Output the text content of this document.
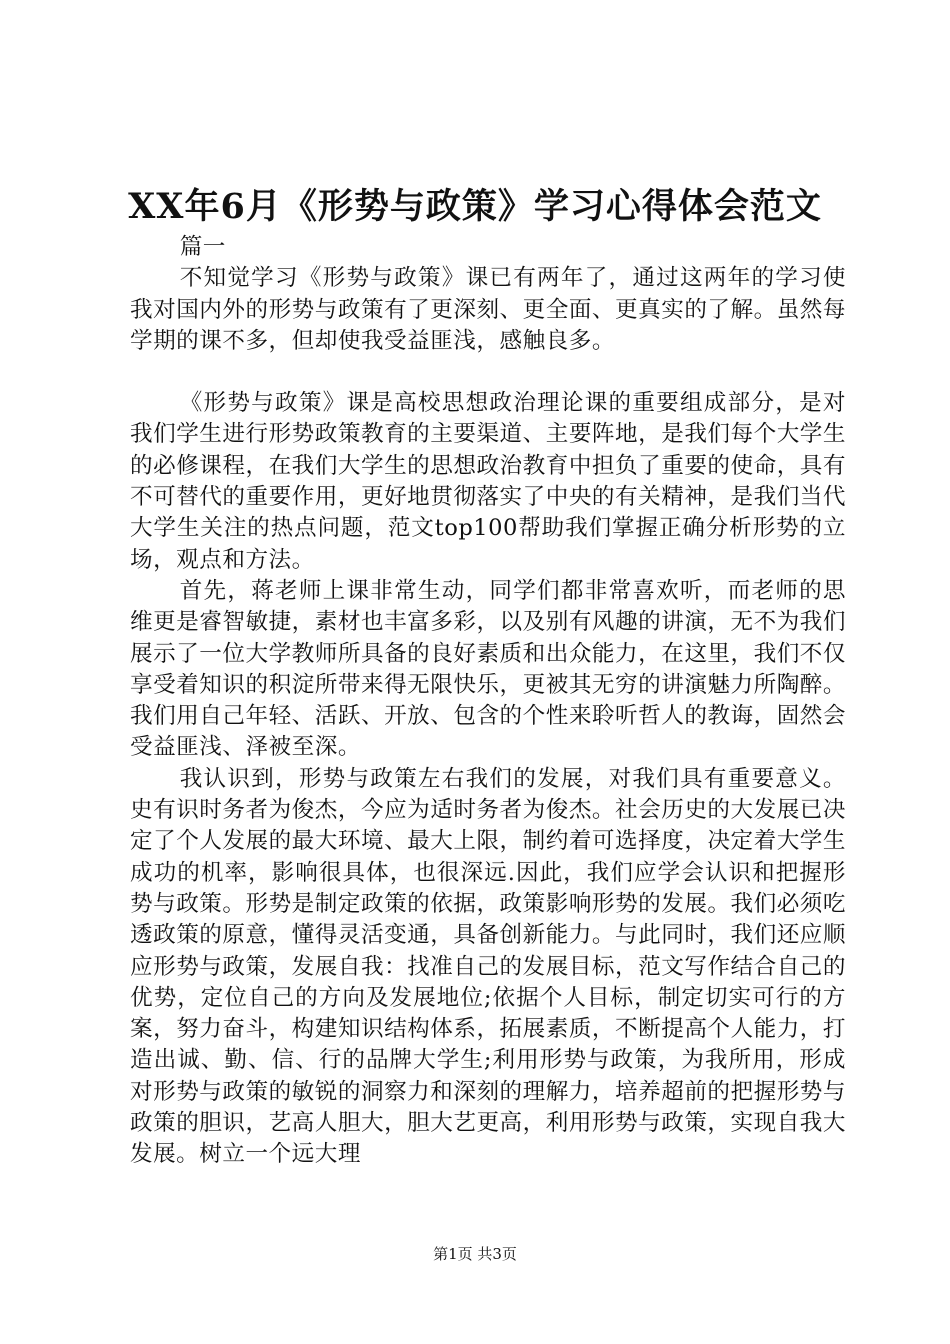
XX年6月《形势与政策》学习心得体会范文

篇一

不知觉学习《形势与政策》课已有两年了，通过这两年的学习使我对国内外的形势与政策有了更深刻、更全面、更真实的了解。虽然每学期的课不多，但却使我受益匪浅，感触良多。

《形势与政策》课是高校思想政治理论课的重要组成部分，是对我们学生进行形势政策教育的主要渠道、主要阵地，是我们每个大学生的必修课程，在我们大学生的思想政治教育中担负了重要的使命，具有不可替代的重要作用，更好地贯彻落实了中央的有关精神，是我们当代大学生关注的热点问题，范文top100帮助我们掌握正确分析形势的立场，观点和方法。

首先，蒋老师上课非常生动，同学们都非常喜欢听，而老师的思维更是睿智敏捷，素材也丰富多彩，以及别有风趣的讲演，无不为我们展示了一位大学教师所具备的良好素质和出众能力，在这里，我们不仅享受着知识的积淀所带来得无限快乐，更被其无穷的讲演魅力所陶醉。我们用自己年轻、活跃、开放、包含的个性来聆听哲人的教诲，固然会受益匪浅、泽被至深。

我认识到，形势与政策左右我们的发展，对我们具有重要意义。史有识时务者为俊杰，今应为适时务者为俊杰。社会历史的大发展已决定了个人发展的最大环境、最大上限，制约着可选择度，决定着大学生成功的机率，影响很具体，也很深远.因此，我们应学会认识和把握形势与政策。形势是制定政策的依据，政策影响形势的发展。我们必须吃透政策的原意，懂得灵活变通，具备创新能力。与此同时，我们还应顺应形势与政策，发展自我：找准自己的发展目标，范文写作结合自己的优势，定位自己的方向及发展地位;依据个人目标，制定切实可行的方案，努力奋斗，构建知识结构体系，拓展素质，不断提高个人能力，打造出诚、勤、信、行的品牌大学生;利用形势与政策，为我所用，形成对形势与政策的敏锐的洞察力和深刻的理解力，培养超前的把握形势与政策的胆识，艺高人胆大，胆大艺更高，利用形势与政策，实现自我大发展。树立一个远大理

第1页 共3页
